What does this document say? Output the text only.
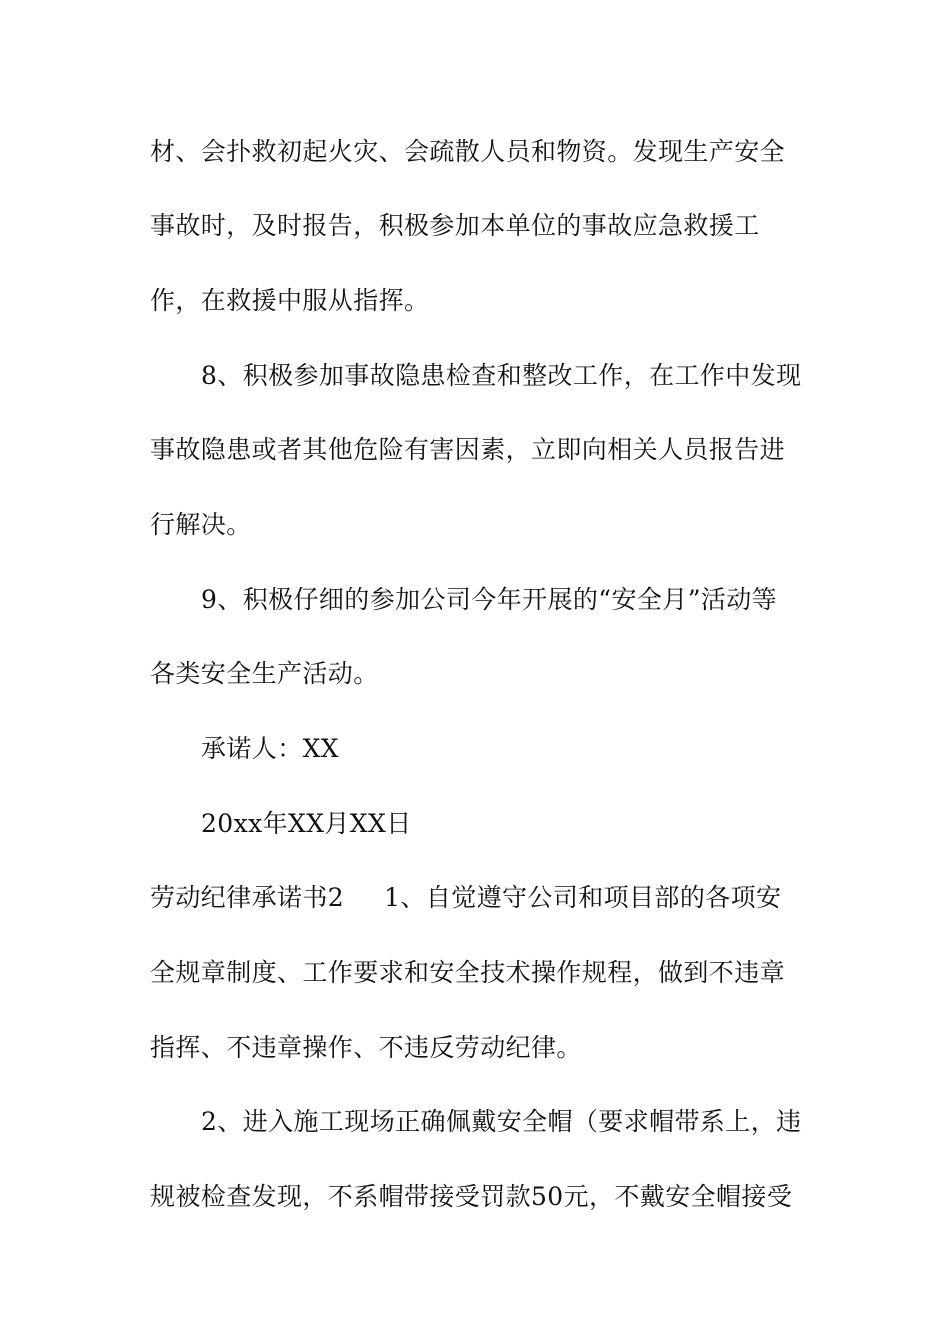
材、会扑救初起火灾、会疏散人员和物资。发现生产安全
事故时，及时报告，积极参加本单位的事故应急救援工
作，在救援中服从指挥。
8、积极参加事故隐患检查和整改工作，在工作中发现
事故隐患或者其他危险有害因素，立即向相关人员报告进
行解决。
9、积极仔细的参加公司今年开展的“安全月”活动等
各类安全生产活动。
承诺人：XX
20xx年XX月XX日
劳动纪律承诺书2 1、自觉遵守公司和项目部的各项安
全规章制度、工作要求和安全技术操作规程，做到不违章
指挥、不违章操作、不违反劳动纪律。
2、进入施工现场正确佩戴安全帽（要求帽带系上，违
规被检查发现，不系帽带接受罚款50元，不戴安全帽接受
